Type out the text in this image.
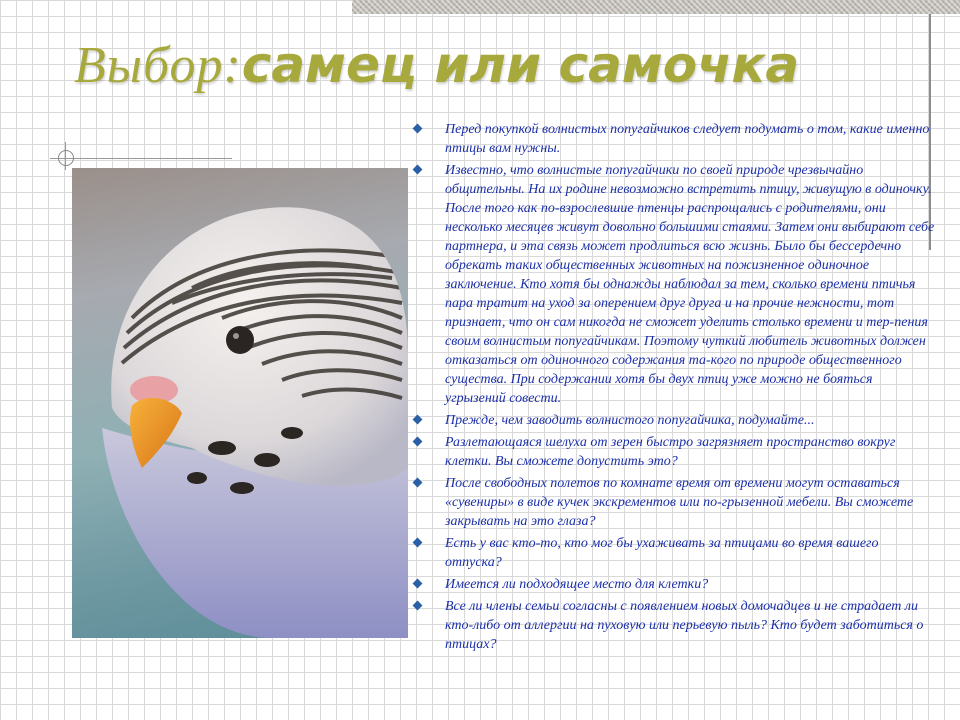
Выбор:самец или самочка
Перед покупкой волнистых попугайчиков следует подумать о том, какие именно птицы вам нужны.
Известно, что волнистые попугайчики по своей природе чрезвычайно общительны. На их родине невозможно встретить птицу, живущую в одиночку. После того как по-взрослевшие птенцы распрощались с родителями, они несколько месяцев живут довольно большими стаями. Затем они выбирают себе партнера, и эта связь может продлиться всю жизнь. Было бы бессердечно обрекать таких общественных животных на пожизненное одиночное заключение. Кто хотя бы однажды наблюдал за тем, сколько времени птичья пара тратит на уход за оперением друг друга и на прочие нежности, тот признает, что он сам никогда не сможет уделить столько времени и тер-пения своим волнистым попугайчикам. Поэтому чуткий любитель животных должен отказаться от одиночного содержания та-кого по природе общественного существа. При содержании хотя бы двух птиц уже можно не бояться угрызений совести.
Прежде, чем заводить волнистого попугайчика, подумайте...
Разлетающаяся шелуха от зерен быстро загрязняет пространство вокруг клетки. Вы сможете допустить это?
После свободных полетов по комнате время от времени могут оставаться «сувениры» в виде кучек экскрементов или по-грызенной мебели. Вы сможете закрывать на это глаза?
Есть у вас кто-то, кто мог бы ухаживать за птицами во время вашего отпуска?
Имеется ли подходящее место для клетки?
Все ли члены семьи согласны с появлением новых домочадцев и не страдает ли кто-либо от аллергии на пуховую или перьевую пыль? Кто будет заботиться о птицах?
